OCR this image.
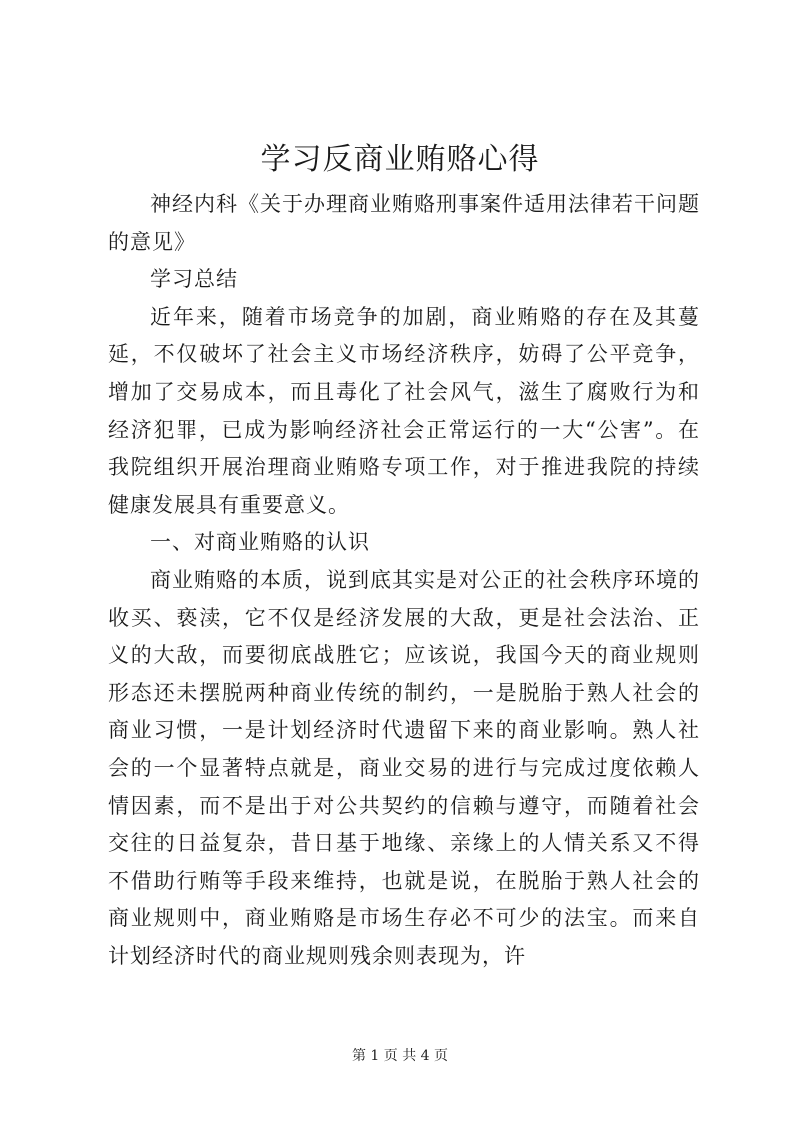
学习反商业贿赂心得

神经内科《关于办理商业贿赂刑事案件适用法律若干问题的意见》

学习总结

近年来，随着市场竞争的加剧，商业贿赂的存在及其蔓延，不仅破坏了社会主义市场经济秩序，妨碍了公平竞争，增加了交易成本，而且毒化了社会风气，滋生了腐败行为和经济犯罪，已成为影响经济社会正常运行的一大“公害”。在我院组织开展治理商业贿赂专项工作，对于推进我院的持续健康发展具有重要意义。

一、对商业贿赂的认识

商业贿赂的本质，说到底其实是对公正的社会秩序环境的收买、亵渎，它不仅是经济发展的大敌，更是社会法治、正义的大敌，而要彻底战胜它；应该说，我国今天的商业规则形态还未摆脱两种商业传统的制约，一是脱胎于熟人社会的商业习惯，一是计划经济时代遗留下来的商业影响。熟人社会的一个显著特点就是，商业交易的进行与完成过度依赖人情因素，而不是出于对公共契约的信赖与遵守，而随着社会交往的日益复杂，昔日基于地缘、亲缘上的人情关系又不得不借助行贿等手段来维持，也就是说，在脱胎于熟人社会的商业规则中，商业贿赂是市场生存必不可少的法宝。而来自计划经济时代的商业规则残余则表现为，许

第 1 页 共 4 页
